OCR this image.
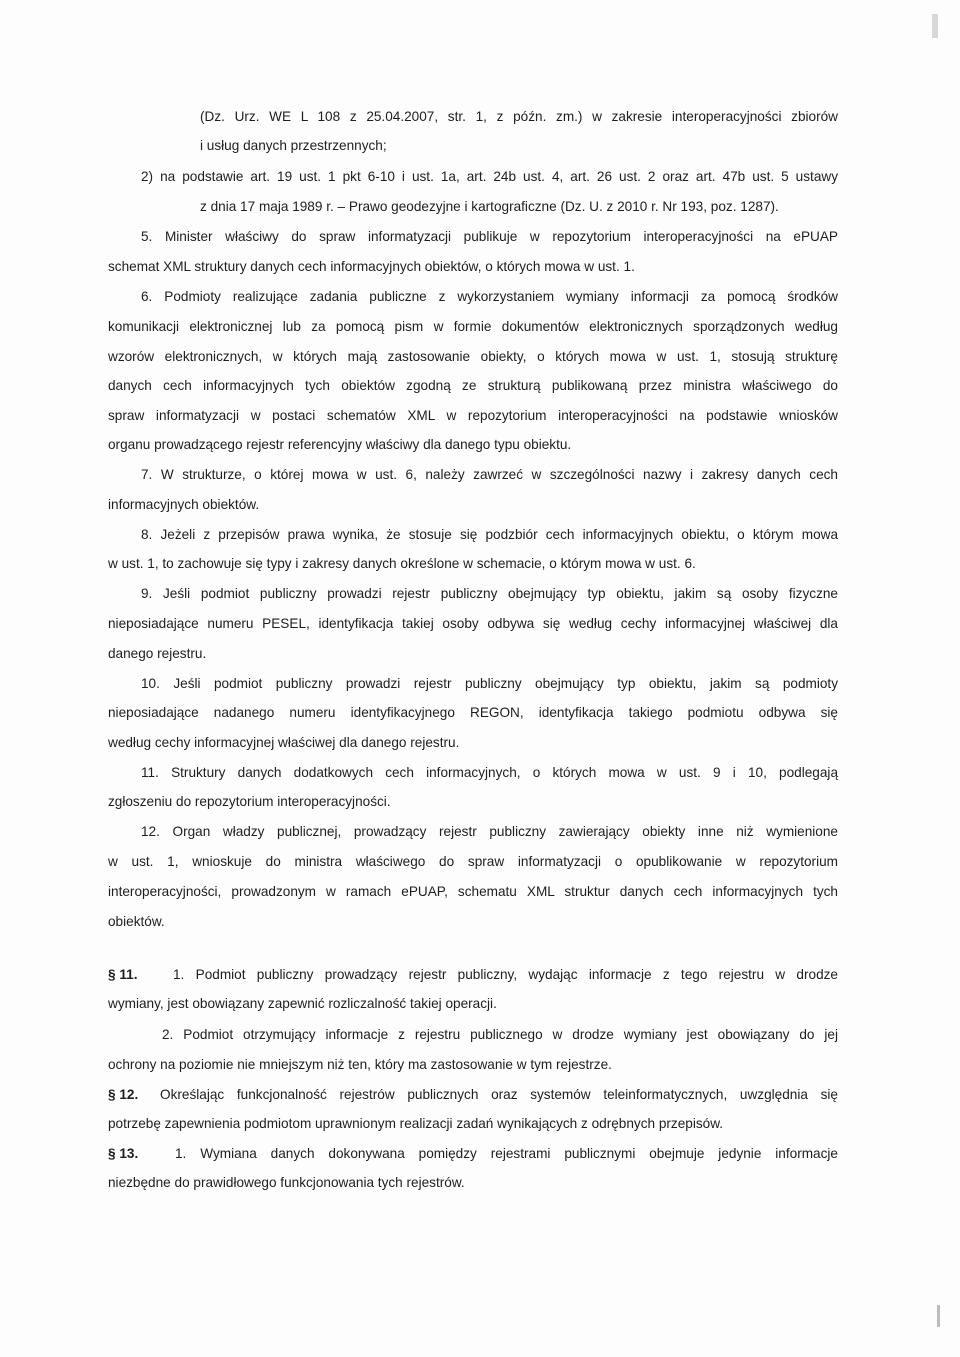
(Dz. Urz. WE L 108 z 25.04.2007, str. 1, z późn. zm.) w zakresie interoperacyjności zbiorów
i usług danych przestrzennych;
2) na podstawie art. 19 ust. 1 pkt 6-10 i ust. 1a, art. 24b ust. 4, art. 26 ust. 2 oraz art. 47b ust. 5 ustawy
z dnia 17 maja 1989 r. – Prawo geodezyjne i kartograficzne (Dz. U. z 2010 r. Nr 193, poz. 1287).
5. Minister właściwy do spraw informatyzacji publikuje w repozytorium interoperacyjności na ePUAP
schemat XML struktury danych cech informacyjnych obiektów, o których mowa w ust. 1.
6. Podmioty realizujące zadania publiczne z wykorzystaniem wymiany informacji za pomocą środków
komunikacji elektronicznej lub za pomocą pism w formie dokumentów elektronicznych sporządzonych według
wzorów elektronicznych, w których mają zastosowanie obiekty, o których mowa w ust. 1, stosują strukturę
danych cech informacyjnych tych obiektów zgodną ze strukturą publikowaną przez ministra właściwego do
spraw informatyzacji w postaci schematów XML w repozytorium interoperacyjności na podstawie wniosków
organu prowadzącego rejestr referencyjny właściwy dla danego typu obiektu.
7. W strukturze, o której mowa w ust. 6, należy zawrzeć w szczególności nazwy i zakresy danych cech
informacyjnych obiektów.
8. Jeżeli z przepisów prawa wynika, że stosuje się podzbiór cech informacyjnych obiektu, o którym mowa
w ust. 1, to zachowuje się typy i zakresy danych określone w schemacie, o którym mowa w ust. 6.
9. Jeśli podmiot publiczny prowadzi rejestr publiczny obejmujący typ obiektu, jakim są osoby fizyczne
nieposiadające numeru PESEL, identyfikacja takiej osoby odbywa się według cechy informacyjnej właściwej dla
danego rejestru.
10. Jeśli podmiot publiczny prowadzi rejestr publiczny obejmujący typ obiektu, jakim są podmioty
nieposiadające nadanego numeru identyfikacyjnego REGON, identyfikacja takiego podmiotu odbywa się
według cechy informacyjnej właściwej dla danego rejestru.
11. Struktury danych dodatkowych cech informacyjnych, o których mowa w ust. 9 i 10, podlegają
zgłoszeniu do repozytorium interoperacyjności.
12. Organ władzy publicznej, prowadzący rejestr publiczny zawierający obiekty inne niż wymienione
w ust. 1, wnioskuje do ministra właściwego do spraw informatyzacji o opublikowanie w repozytorium
interoperacyjności, prowadzonym w ramach ePUAP, schematu XML struktur danych cech informacyjnych tych
obiektów.
§ 11.	1. Podmiot publiczny prowadzący rejestr publiczny, wydając informacje z tego rejestru w drodze
wymiany, jest obowiązany zapewnić rozliczalność takiej operacji.
2. Podmiot otrzymujący informacje z rejestru publicznego w drodze wymiany jest obowiązany do jej
ochrony na poziomie nie mniejszym niż ten, który ma zastosowanie w tym rejestrze.
§ 12.	Określając funkcjonalność rejestrów publicznych oraz systemów teleinformatycznych, uwzględnia się
potrzebę zapewnienia podmiotom uprawnionym realizacji zadań wynikających z odrębnych przepisów.
§ 13.	1. Wymiana danych dokonywana pomiędzy rejestrami publicznymi obejmuje jedynie informacje
niezbędne do prawidłowego funkcjonowania tych rejestrów.
